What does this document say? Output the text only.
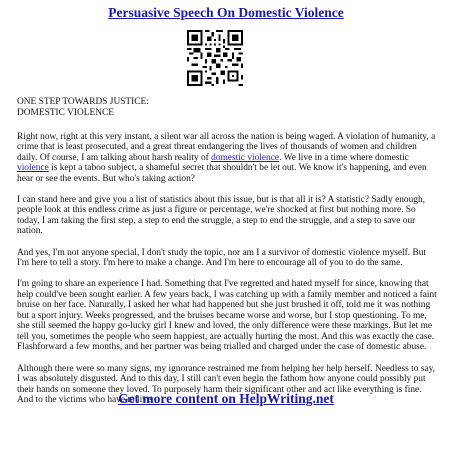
Persuasive Speech On Domestic Violence
ONE STEP TOWARDS JUSTICE:
DOMESTIC VIOLENCE

Right now, right at this very instant, a silent war all across the nation is being waged. A violation of humanity, a crime that is least prosecuted, and a great threat endangering the lives of thousands of women and children daily. Of course, I am talking about harsh reality of domestic violence. We live in a time where domestic violence is kept a taboo subject, a shameful secret that shouldn't be let out. We know it's happening, and even hear or see the events. But who's taking action?

I can stand here and give you a list of statistics about this issue, but is that all it is? A statistic? Sadly enough, people look at this endless crime as just a figure or percentage, we're shocked at first but nothing more. So today, I am taking the first step, a step to end the struggle, a step to end the struggle, and a step to save our nation.

And yes, I'm not anyone special, I don't study the topic, nor am I a survivor of domestic violence myself. But I'm here to tell a story. I'm here to make a change. And I'm here to encourage all of you to do the same.

I'm going to share an experience I had. Something that I've regretted and hated myself for since, knowing that help could've been sought earlier. A few years back, I was catching up with a family member and noticed a faint bruise on her face. Naturally, I asked her what had happened but she just brushed it off, told me it was nothing but a sport injury. Weeks progressed, and the bruises became worse and worse, but I stop questioning. To me, she still seemed the happy go-lucky girl I knew and loved, the only difference were these markings. But let me tell you, sometimes the people who seem happiest, are actually hurting the most. And this was exactly the case. Flashforward a few months, and her partner was being trialled and charged under the case of domestic abuse.

Although there were so many signs, my ignorance restrained me from helping her help herself. Needless to say, I was absolutely disgusted. And to this day, I still can't even begin the fathom how anyone could possibly put their hands on someone they loved. To purposely harm their significant other and act like everything is fine. And to the victims who have to live

Get more content on HelpWriting.net
